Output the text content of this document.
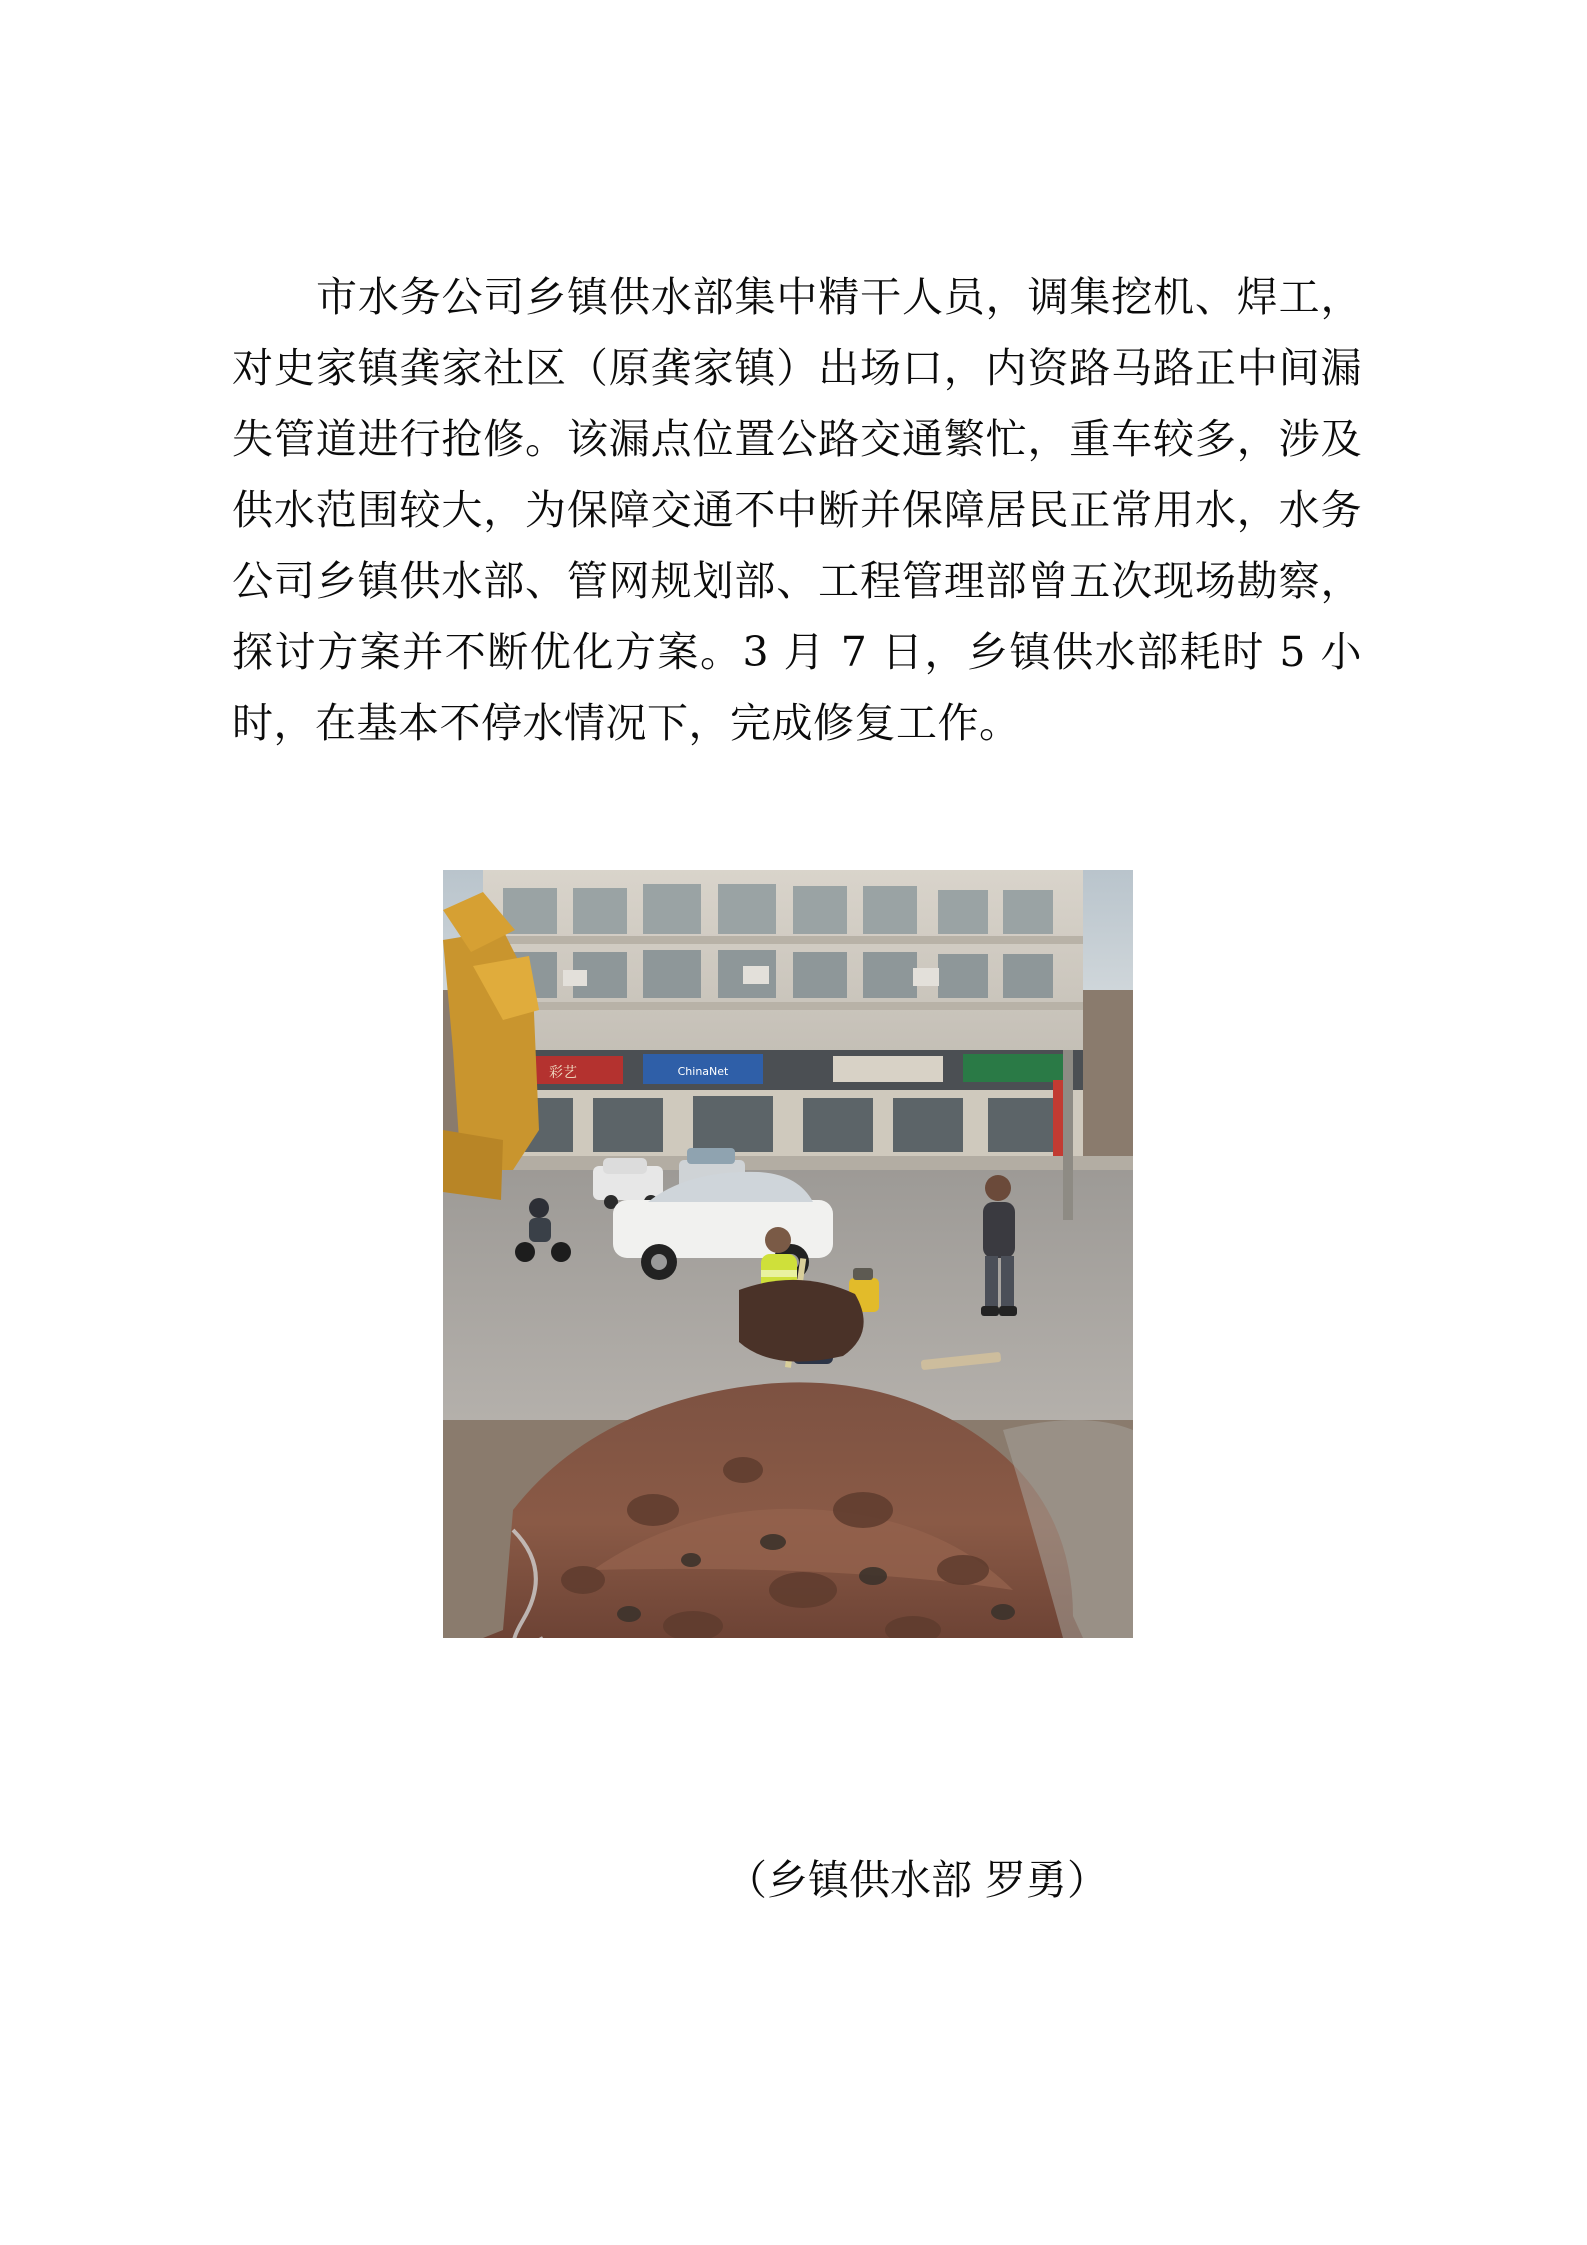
市水务公司乡镇供水部集中精干人员，调集挖机、焊工，对史家镇龚家社区（原龚家镇）出场口，内资路马路正中间漏失管道进行抢修。该漏点位置公路交通繁忙，重车较多，涉及供水范围较大，为保障交通不中断并保障居民正常用水，水务公司乡镇供水部、管网规划部、工程管理部曾五次现场勘察，探讨方案并不断优化方案。3 月 7 日，乡镇供水部耗时 5 小时，在基本不停水情况下，完成修复工作。

彩艺	ChinaNet
（乡镇供水部 罗勇）
